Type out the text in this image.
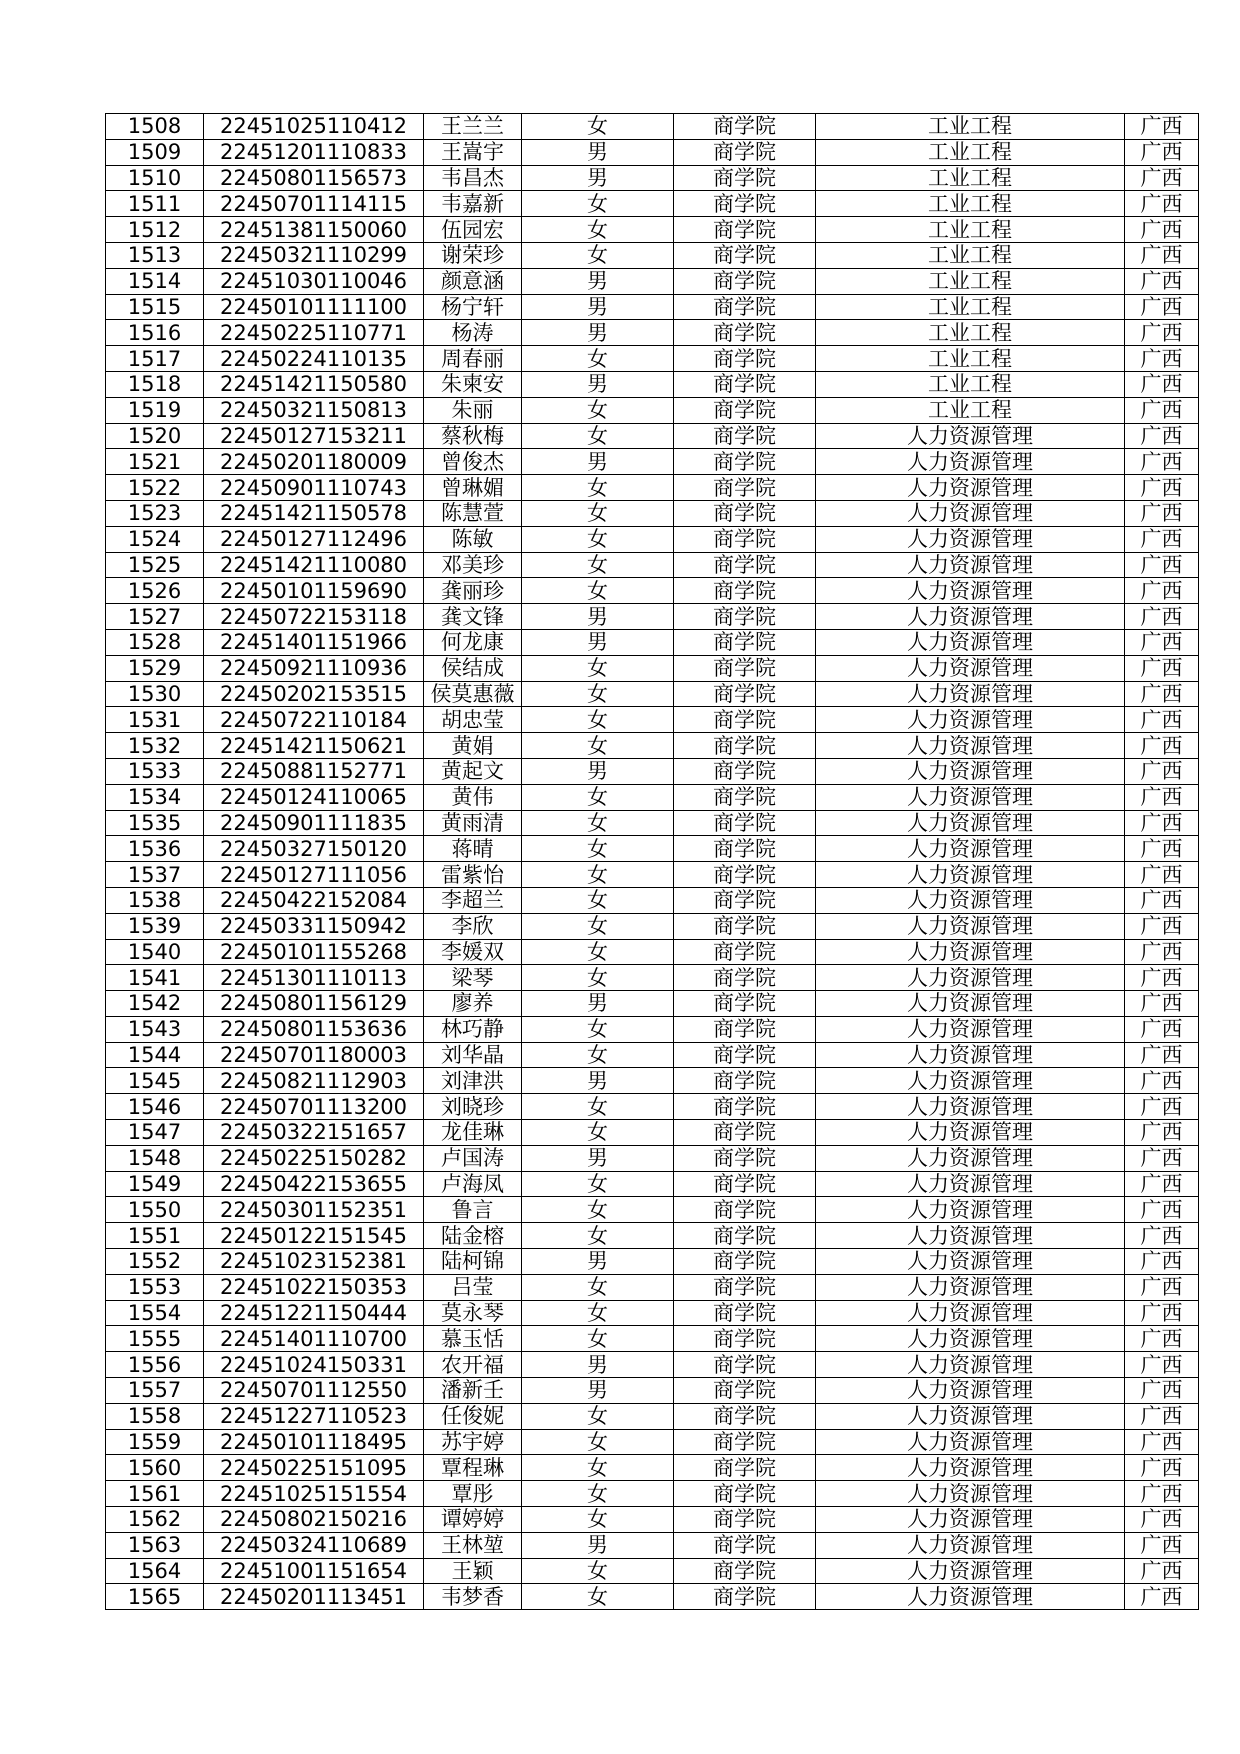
1508	22451025110412	王兰兰	女	商学院	工业工程	广西
1509	22451201110833	王嵩宇	男	商学院	工业工程	广西
1510	22450801156573	韦昌杰	男	商学院	工业工程	广西
1511	22450701114115	韦嘉新	女	商学院	工业工程	广西
1512	22451381150060	伍园宏	女	商学院	工业工程	广西
1513	22450321110299	谢荣珍	女	商学院	工业工程	广西
1514	22451030110046	颜意涵	男	商学院	工业工程	广西
1515	22450101111100	杨宁轩	男	商学院	工业工程	广西
1516	22450225110771	杨涛	男	商学院	工业工程	广西
1517	22450224110135	周春丽	女	商学院	工业工程	广西
1518	22451421150580	朱柬安	男	商学院	工业工程	广西
1519	22450321150813	朱丽	女	商学院	工业工程	广西
1520	22450127153211	蔡秋梅	女	商学院	人力资源管理	广西
1521	22450201180009	曾俊杰	男	商学院	人力资源管理	广西
1522	22450901110743	曾琳媚	女	商学院	人力资源管理	广西
1523	22451421150578	陈慧萱	女	商学院	人力资源管理	广西
1524	22450127112496	陈敏	女	商学院	人力资源管理	广西
1525	22451421110080	邓美珍	女	商学院	人力资源管理	广西
1526	22450101159690	龚丽珍	女	商学院	人力资源管理	广西
1527	22450722153118	龚文锋	男	商学院	人力资源管理	广西
1528	22451401151966	何龙康	男	商学院	人力资源管理	广西
1529	22450921110936	侯结成	女	商学院	人力资源管理	广西
1530	22450202153515	侯莫惠薇	女	商学院	人力资源管理	广西
1531	22450722110184	胡忠莹	女	商学院	人力资源管理	广西
1532	22451421150621	黄娟	女	商学院	人力资源管理	广西
1533	22450881152771	黄起文	男	商学院	人力资源管理	广西
1534	22450124110065	黄伟	女	商学院	人力资源管理	广西
1535	22450901111835	黄雨清	女	商学院	人力资源管理	广西
1536	22450327150120	蒋晴	女	商学院	人力资源管理	广西
1537	22450127111056	雷紫怡	女	商学院	人力资源管理	广西
1538	22450422152084	李超兰	女	商学院	人力资源管理	广西
1539	22450331150942	李欣	女	商学院	人力资源管理	广西
1540	22450101155268	李媛双	女	商学院	人力资源管理	广西
1541	22451301110113	梁琴	女	商学院	人力资源管理	广西
1542	22450801156129	廖养	男	商学院	人力资源管理	广西
1543	22450801153636	林巧静	女	商学院	人力资源管理	广西
1544	22450701180003	刘华晶	女	商学院	人力资源管理	广西
1545	22450821112903	刘津洪	男	商学院	人力资源管理	广西
1546	22450701113200	刘晓珍	女	商学院	人力资源管理	广西
1547	22450322151657	龙佳琳	女	商学院	人力资源管理	广西
1548	22450225150282	卢国涛	男	商学院	人力资源管理	广西
1549	22450422153655	卢海凤	女	商学院	人力资源管理	广西
1550	22450301152351	鲁言	女	商学院	人力资源管理	广西
1551	22450122151545	陆金榕	女	商学院	人力资源管理	广西
1552	22451023152381	陆柯锦	男	商学院	人力资源管理	广西
1553	22451022150353	吕莹	女	商学院	人力资源管理	广西
1554	22451221150444	莫永琴	女	商学院	人力资源管理	广西
1555	22451401110700	慕玉恬	女	商学院	人力资源管理	广西
1556	22451024150331	农开福	男	商学院	人力资源管理	广西
1557	22450701112550	潘新壬	男	商学院	人力资源管理	广西
1558	22451227110523	任俊妮	女	商学院	人力资源管理	广西
1559	22450101118495	苏宇婷	女	商学院	人力资源管理	广西
1560	22450225151095	覃程琳	女	商学院	人力资源管理	广西
1561	22451025151554	覃彤	女	商学院	人力资源管理	广西
1562	22450802150216	谭婷婷	女	商学院	人力资源管理	广西
1563	22450324110689	王林堃	男	商学院	人力资源管理	广西
1564	22451001151654	王颖	女	商学院	人力资源管理	广西
1565	22450201113451	韦梦香	女	商学院	人力资源管理	广西
